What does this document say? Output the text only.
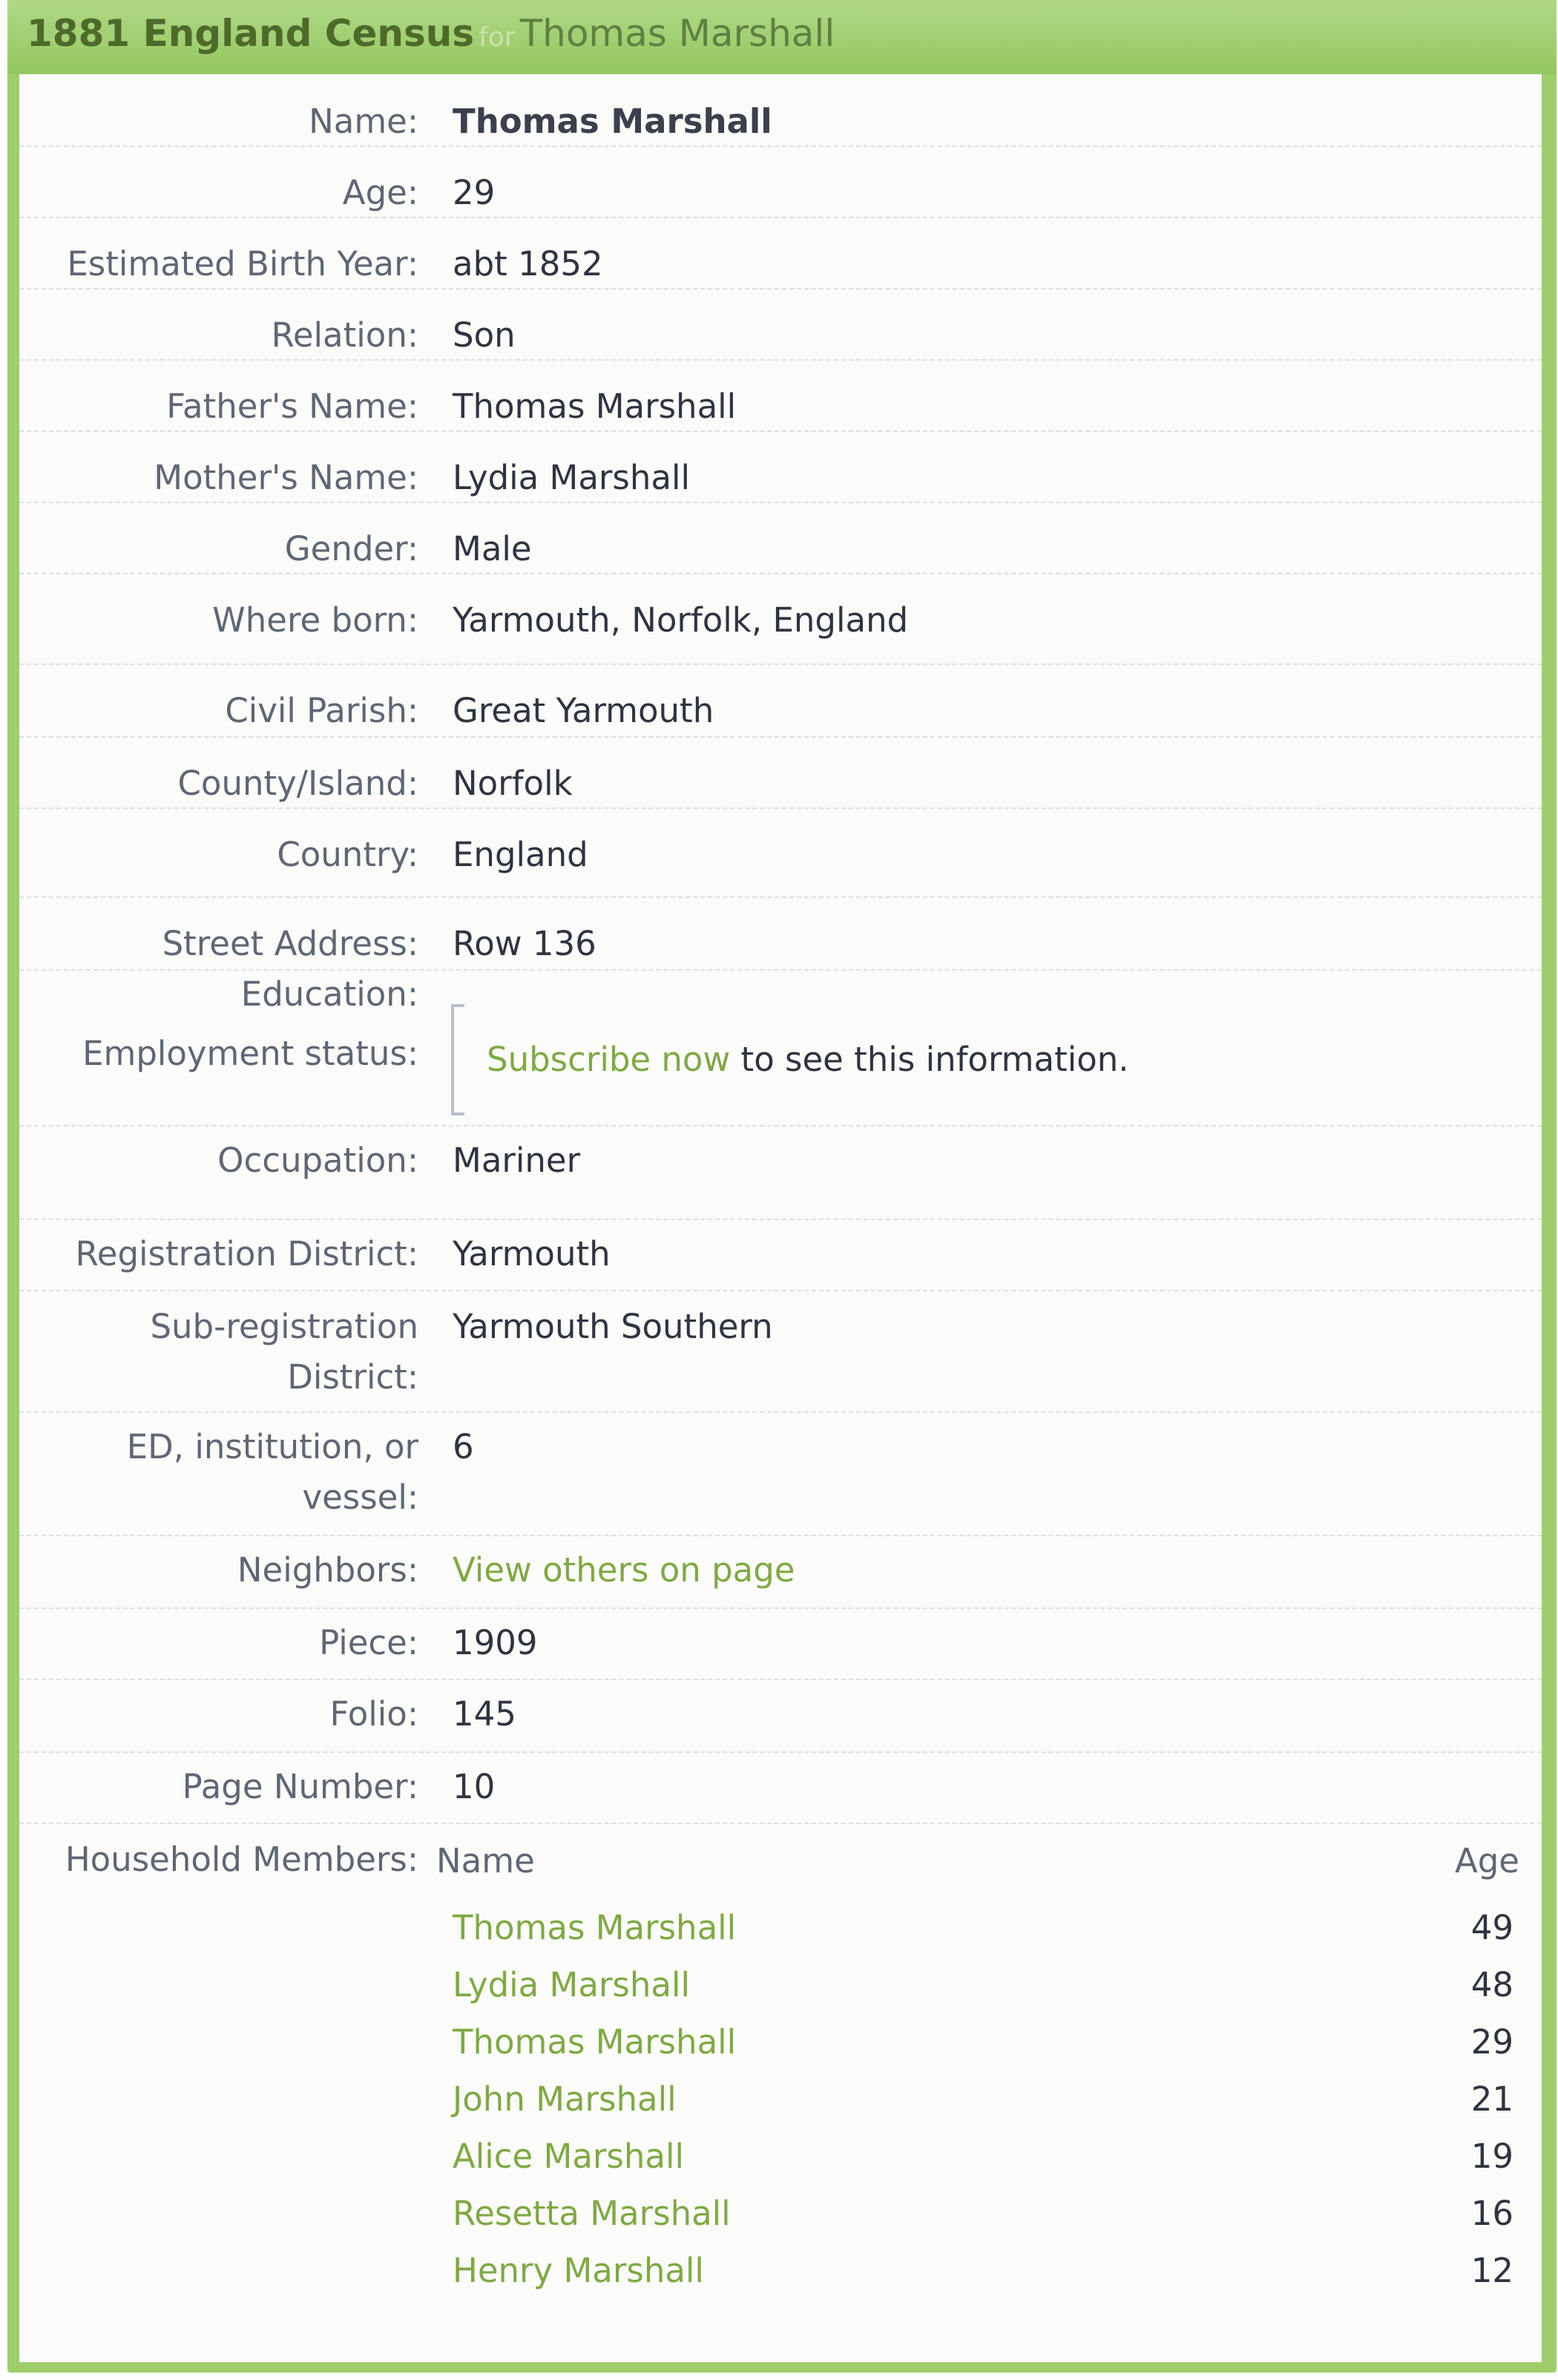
1881 England Census for Thomas Marshall
Name: Thomas Marshall
Age: 29
Estimated Birth Year: abt 1852
Relation: Son
Father's Name: Thomas Marshall
Mother's Name: Lydia Marshall
Gender: Male
Where born: Yarmouth, Norfolk, England
Civil Parish: Great Yarmouth
County/Island: Norfolk
Country: England
Street Address: Row 136
Education:
Employment status: Subscribe now to see this information.
Occupation: Mariner
Registration District: Yarmouth
Sub-registration
District:
Yarmouth Southern
ED, institution, or
vessel:
6
Neighbors: View others on page
Piece: 1909
Folio: 145
Page Number: 10
Household Members: Name	Age
Thomas Marshall	49
Lydia Marshall	48
Thomas Marshall	29
John Marshall	21
Alice Marshall	19
Resetta Marshall	16
Henry Marshall	12
